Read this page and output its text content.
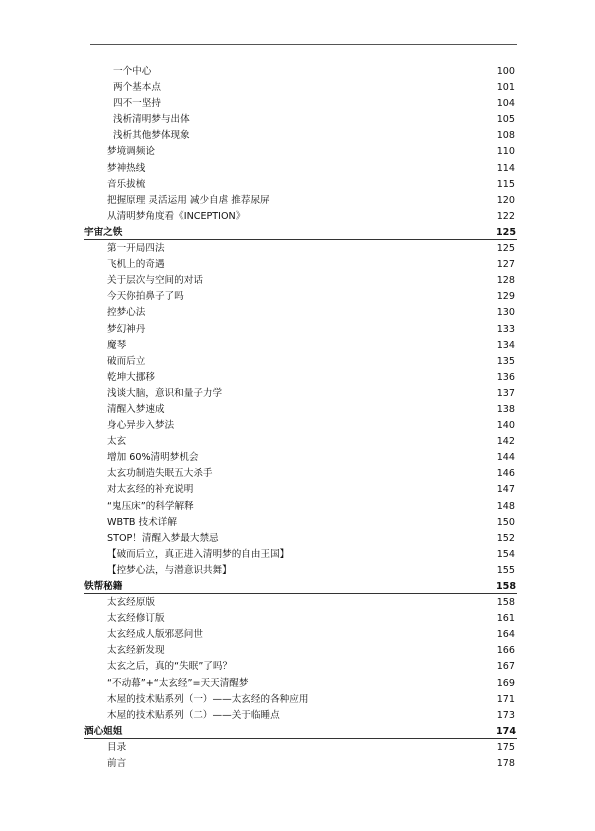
一个中心	100
两个基本点	101
四不一坚持	104
浅析清明梦与出体	105
浅析其他梦体现象	108
梦境调频论	110
梦神热线	114
音乐拔梳	115
把握原理 灵活运用 减少自虐 推荐尿屏	120
从清明梦角度看《INCEPTION》	122
宇宙之铁	125
第一开局四法	125
飞机上的奇遇	127
关于层次与空间的对话	128
今天你拍鼻子了吗	129
控梦心法	130
梦幻神丹	133
魔琴	134
破而后立	135
乾坤大挪移	136
浅谈大脑，意识和量子力学	137
清醒入梦速成	138
身心异步入梦法	140
太玄	142
增加 60%清明梦机会	144
太玄功制造失眠五大杀手	146
对太玄经的补充说明	147
“鬼压床”的科学解释	148
WBTB 技术详解	150
STOP！清醒入梦最大禁忌	152
【破而后立，真正进入清明梦的自由王国】	154
【控梦心法，与潜意识共舞】	155
铁帮秘籍	158
太玄经原版	158
太玄经修订版	161
太玄经成人版邪恶问世	164
太玄经新发现	166
太玄之后，真的“失眠”了吗？	167
“不动幕”+“太玄经”=天天清醒梦	169
木屋的技术贴系列（一）——太玄经的各种应用	171
木屋的技术贴系列（二）——关于临睡点	173
酒心姐姐	174
目录	175
前言	178
